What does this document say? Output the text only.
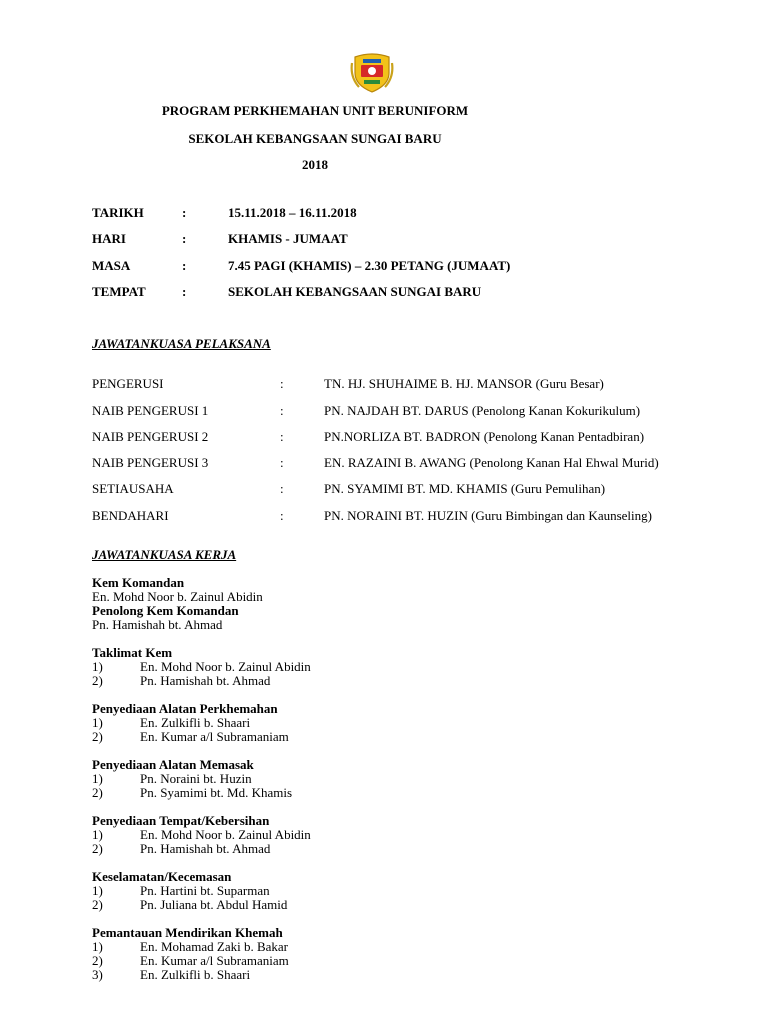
PROGRAM PERKHEMAHAN UNIT BERUNIFORM
SEKOLAH KEBANGSAAN SUNGAI BARU
2018
TARIKH	:	15.11.2018 – 16.11.2018
HARI	:	KHAMIS - JUMAAT
MASA	:	7.45 PAGI (KHAMIS) – 2.30 PETANG (JUMAAT)
TEMPAT	:	SEKOLAH KEBANGSAAN SUNGAI BARU
JAWATANKUASA PELAKSANA
PENGERUSI	:	TN. HJ. SHUHAIME B. HJ. MANSOR (Guru Besar)
NAIB PENGERUSI 1	:	PN. NAJDAH BT. DARUS (Penolong Kanan Kokurikulum)
NAIB PENGERUSI 2	:	PN.NORLIZA BT. BADRON (Penolong Kanan Pentadbiran)
NAIB PENGERUSI 3	:	EN. RAZAINI B. AWANG (Penolong Kanan Hal Ehwal Murid)
SETIAUSAHA	:	PN. SYAMIMI BT. MD. KHAMIS (Guru Pemulihan)
BENDAHARI	:	PN. NORAINI BT. HUZIN (Guru Bimbingan dan Kaunseling)
JAWATANKUASA KERJA
Kem Komandan
En. Mohd Noor b. Zainul Abidin
Penolong Kem Komandan
Pn. Hamishah bt. Ahmad
Taklimat Kem
1)	En. Mohd Noor b. Zainul Abidin
2)	Pn. Hamishah bt. Ahmad
Penyediaan Alatan Perkhemahan
1)	En. Zulkifli b. Shaari
2)	En. Kumar a/l Subramaniam
Penyediaan Alatan Memasak
1)	Pn. Noraini bt. Huzin
2)	Pn. Syamimi bt. Md. Khamis
Penyediaan Tempat/Kebersihan
1)	En. Mohd Noor b. Zainul Abidin
2)	Pn. Hamishah bt. Ahmad
Keselamatan/Kecemasan
1)	Pn. Hartini bt. Suparman
2)	Pn. Juliana bt. Abdul Hamid
Pemantauan Mendirikan Khemah
1)	En. Mohamad Zaki b. Bakar
2)	En. Kumar a/l Subramaniam
3)	En. Zulkifli b. Shaari
